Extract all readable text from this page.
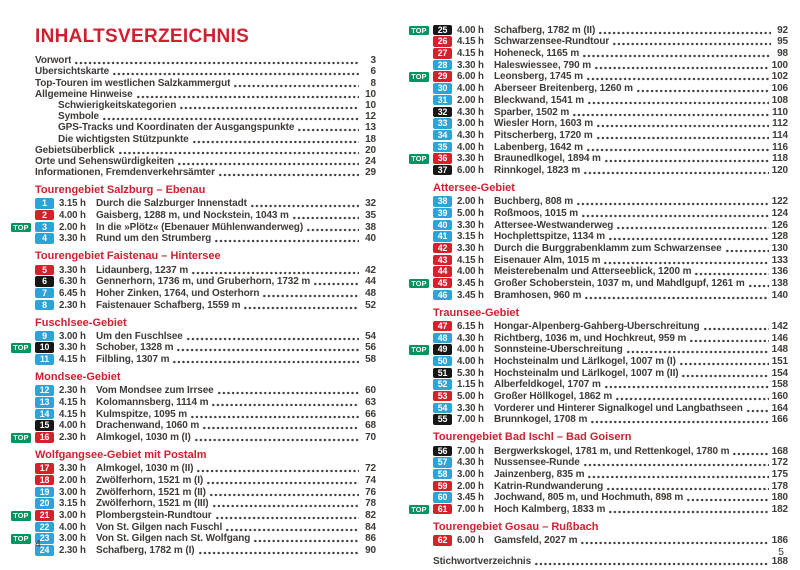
INHALTSVERZEICHNIS
Vorwort	3
Übersichtskarte	6
Top-Touren im westlichen Salzkammergut	8
Allgemeine Hinweise	10
Schwierigkeitskategorien	10
Symbole	12
GPS-Tracks und Koordinaten der Ausgangspunkte	13
Die wichtigsten Stützpunkte	18
Gebietsüberblick	20
Orte und Sehenswürdigkeiten	24
Informationen, Fremdenverkehrsämter	29
Tourengebiet Salzburg – Ebenau
1	3.15 h	Durch die Salzburger Innenstadt	32
2	4.00 h	Gaisberg, 1288 m, und Nockstein, 1043 m	35
TOP	3	2.00 h	In die »Plötz« (Ebenauer Mühlenwanderweg)	38
4	3.30 h	Rund um den Strumberg	40
Tourengebiet Faistenau – Hintersee
5	3.30 h	Lidaunberg, 1237 m	42
6	6.30 h	Gennerhorn, 1736 m, und Gruberhorn, 1732 m	44
7	6.45 h	Hoher Zinken, 1764, und Osterhorn	48
8	2.30 h	Faistenauer Schafberg, 1559 m	52
Fuschlsee-Gebiet
9	3.00 h	Um den Fuschlsee	54
TOP	10	3.30 h	Schober, 1328 m	56
11	4.15 h	Filbling, 1307 m	58
Mondsee-Gebiet
12	2.30 h	Vom Mondsee zum Irrsee	60
13	4.15 h	Kolomannsberg, 1114 m	63
14	4.15 h	Kulmspitze, 1095 m	66
15	4.00 h	Drachenwand, 1060 m	68
TOP	16	2.30 h	Almkogel, 1030 m (I)	70
Wolfgangsee-Gebiet mit Postalm
17	3.30 h	Almkogel, 1030 m (II)	72
18	2.00 h	Zwölferhorn, 1521 m (I)	74
19	3.00 h	Zwölferhorn, 1521 m (II)	76
20	3.15 h	Zwölferhorn, 1521 m (III)	78
TOP	21	3.00 h	Plombergstein-Rundtour	82
22	4.00 h	Von St. Gilgen nach Fuschl	84
TOP	23	3.00 h	Von St. Gilgen nach St. Wolfgang	86
24	2.30 h	Schafberg, 1782 m (I)	90
4
TOP	25	4.00 h	Schafberg, 1782 m (II)	92
26	4.15 h	Schwarzensee-Rundtour	95
27	4.15 h	Hoheneck, 1165 m	98
28	3.30 h	Haleswiessee, 790 m	100
TOP	29	6.00 h	Leonsberg, 1745 m	102
30	4.00 h	Aberseer Breitenberg, 1260 m	106
31	2.00 h	Bleckwand, 1541 m	108
32	4.30 h	Sparber, 1502 m	110
33	3.00 h	Wiesler Horn, 1603 m	112
34	4.30 h	Pitscherberg, 1720 m	114
35	4.00 h	Labenberg, 1642 m	116
TOP	36	3.30 h	Braunedlkogel, 1894 m	118
37	6.00 h	Rinnkogel, 1823 m	120
Attersee-Gebiet
38	2.00 h	Buchberg, 808 m	122
39	5.00 h	Roßmoos, 1015 m	124
40	3.30 h	Attersee-Westwanderweg	126
41	3.15 h	Hochplettspitze, 1134 m	128
42	3.30 h	Durch die Burggrabenklamm zum Schwarzensee	130
43	4.15 h	Eisenauer Alm, 1015 m	133
44	4.00 h	Meisterebenalm und Atterseeblick, 1200 m	136
TOP	45	3.45 h	Großer Schoberstein, 1037 m, und Mahdlgupf, 1261 m	138
46	3.45 h	Bramhosen, 960 m	140
Traunsee-Gebiet
47	6.15 h	Hongar-Alpenberg-Gahberg-Überschreitung	142
48	4.30 h	Richtberg, 1036 m, und Hochkreut, 959 m	146
TOP	49	4.00 h	Sonnsteine-Überschreitung	148
50	4.00 h	Hochsteinalm und Lärlkogel, 1007 m (I)	151
51	5.30 h	Hochsteinalm und Lärlkogel, 1007 m (II)	154
52	1.15 h	Alberfeldkogel, 1707 m	158
53	5.00 h	Großer Höllkogel, 1862 m	160
54	3.30 h	Vorderer und Hinterer Signalkogel und Langbathseen	164
55	7.00 h	Brunnkogel, 1708 m	166
Tourengebiet Bad Ischl – Bad Goisern
56	7.00 h	Bergwerkskogel, 1781 m, und Rettenkogel, 1780 m	168
57	4.30 h	Nussensee-Runde	172
58	3.00 h	Jainzenberg, 835 m	175
59	2.00 h	Katrin-Rundwanderung	178
60	3.45 h	Jochwand, 805 m, und Hochmuth, 898 m	180
TOP	61	7.00 h	Hoch Kalmberg, 1833 m	182
Tourengebiet Gosau – Rußbach
62	6.00 h	Gamsfeld, 2027 m	186
Stichwortverzeichnis	188
5
